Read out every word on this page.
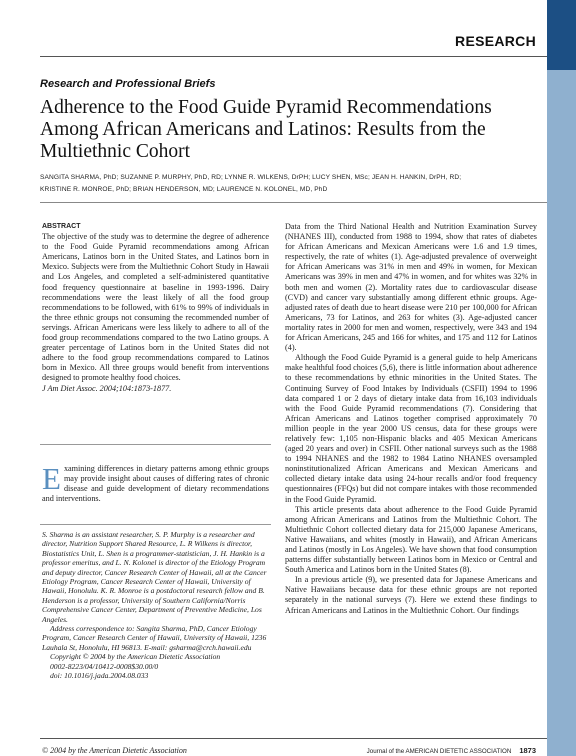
RESEARCH
Research and Professional Briefs
Adherence to the Food Guide Pyramid Recommendations Among African Americans and Latinos: Results from the Multiethnic Cohort
SANGITA SHARMA, PhD; SUZANNE P. MURPHY, PhD, RD; LYNNE R. WILKENS, DrPH; LUCY SHEN, MSc; JEAN H. HANKIN, DrPH, RD;
KRISTINE R. MONROE, PhD; BRIAN HENDERSON, MD; LAURENCE N. KOLONEL, MD, PhD
ABSTRACT
The objective of the study was to determine the degree of adherence to the Food Guide Pyramid recommendations among African Americans, Latinos born in the United States, and Latinos born in Mexico. Subjects were from the Multiethnic Cohort Study in Hawaii and Los Angeles, and completed a self-administered quantitative food frequency questionnaire at baseline in 1993-1996. Dairy recommendations were the least likely of all the food group recommendations to be followed, with 61% to 99% of individuals in the three ethnic groups not consuming the recommended number of servings. African Americans were less likely to adhere to all of the food group recommendations compared to the two Latino groups. A greater percentage of Latinos born in the United States did not adhere to the food group recommendations compared to Latinos born in Mexico. All three groups would benefit from interventions designed to promote healthy food choices.
J Am Diet Assoc. 2004;104:1873-1877.
Examining differences in dietary patterns among ethnic groups may provide insight about causes of differing rates of chronic disease and guide development of dietary recommendations and interventions.

S. Sharma is an assistant researcher, S. P. Murphy is a researcher and director, Nutrition Support Shared Resource, L. R Wilkens is director, Biostatistics Unit, L. Shen is a programmer-statistician, J. H. Hankin is a professor emeritus, and L. N. Kolonel is director of the Etiology Program and deputy director, Cancer Research Center of Hawaii, all at the Cancer Etiology Program, Cancer Research Center of Hawaii, University of Hawaii, Honolulu. K. R. Monroe is a postdoctoral research fellow and B. Henderson is a professor, University of Southern California/Norris Comprehensive Cancer Center, Department of Preventive Medicine, Los Angeles.

Address correspondence to: Sangita Sharma, PhD, Cancer Etiology Program, Cancer Research Center of Hawaii, University of Hawaii, 1236 Lauhala St, Honolulu, HI 96813. E-mail: gsharma@crch.hawaii.edu

Copyright © 2004 by the American Dietetic Association

0002-8223/04/10412-0008$30.00/0

doi: 10.1016/j.jada.2004.08.033

Data from the Third National Health and Nutrition Examination Survey (NHANES III), conducted from 1988 to 1994, show that rates of diabetes for African Americans and Mexican Americans were 1.6 and 1.9 times, respectively, the rate of whites (1). Age-adjusted prevalence of overweight for African Americans was 31% in men and 49% in women, for Mexican Americans was 39% in men and 47% in women, and for whites was 32% in both men and women (2). Mortality rates due to cardiovascular disease (CVD) and cancer vary substantially among different ethnic groups. Age-adjusted rates of death due to heart disease were 210 per 100,000 for African Americans, 73 for Latinos, and 263 for whites (3). Age-adjusted cancer mortality rates in 2000 for men and women, respectively, were 343 and 194 for African Americans, 245 and 166 for whites, and 175 and 112 for Latinos (4).

Although the Food Guide Pyramid is a general guide to help Americans make healthful food choices (5,6), there is little information about adherence to these recommendations by ethnic minorities in the United States. The Continuing Survey of Food Intakes by Individuals (CSFII) 1994 to 1996 data compared 1 or 2 days of dietary intake data from 16,103 individuals with the Food Guide Pyramid recommendations (7). Considering that African Americans and Latinos together comprised approximately 70 million people in the year 2000 US census, data for these groups were relatively few: 1,105 non-Hispanic blacks and 405 Mexican Americans (aged 20 years and over) in CSFII. Other national surveys such as the 1988 to 1994 NHANES and the 1982 to 1984 Latino NHANES oversampled noninstitutionalized African Americans and Mexican Americans and collected dietary intake data using 24-hour recalls and/or food frequency questionnaires (FFQs) but did not compare intakes with those recommended in the Food Guide Pyramid.

This article presents data about adherence to the Food Guide Pyramid among African Americans and Latinos from the Multiethnic Cohort. The Multiethnic Cohort collected dietary data for 215,000 Japanese Americans, Native Hawaiians, and whites (mostly in Hawaii), and African Americans and Latinos (mostly in Los Angeles). We have shown that food consumption patterns differ substantially between Latinos born in Mexico or Central and South America and Latinos born in the United States (8).

In a previous article (9), we presented data for Japanese Americans and Native Hawaiians because data for these ethnic groups are not reported separately in the national surveys (7). Here we extend these findings to African Americans and Latinos in the Multiethnic Cohort. Our findings

© 2004 by the American Dietetic Association	Journal of the AMERICAN DIETETIC ASSOCIATION 1873
